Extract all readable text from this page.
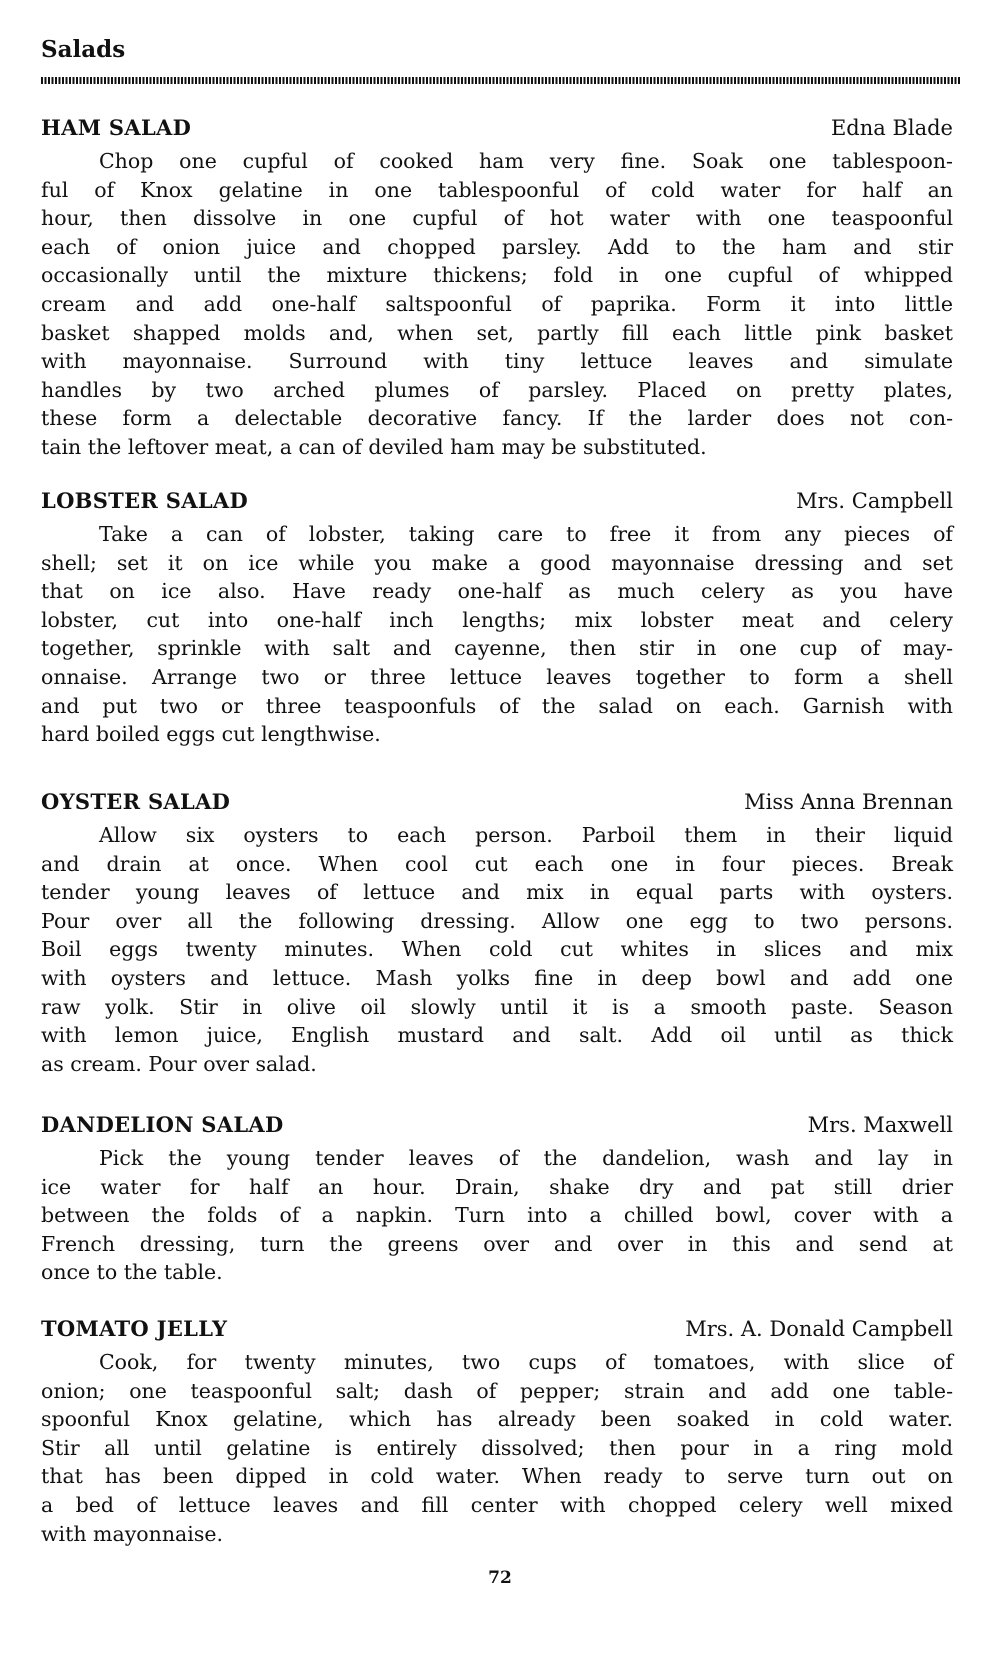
Salads
HAM SALAD	Edna Blade
Chop one cupful of cooked ham very fine. Soak one tablespoon-
ful of Knox gelatine in one tablespoonful of cold water for half an
hour, then dissolve in one cupful of hot water with one teaspoonful
each of onion juice and chopped parsley. Add to the ham and stir
occasionally until the mixture thickens; fold in one cupful of whipped
cream and add one-half saltspoonful of paprika. Form it into little
basket shapped molds and, when set, partly fill each little pink basket
with mayonnaise. Surround with tiny lettuce leaves and simulate
handles by two arched plumes of parsley. Placed on pretty plates,
these form a delectable decorative fancy. If the larder does not con-
tain the leftover meat, a can of deviled ham may be substituted.
LOBSTER SALAD	Mrs. Campbell
Take a can of lobster, taking care to free it from any pieces of
shell; set it on ice while you make a good mayonnaise dressing and set
that on ice also. Have ready one-half as much celery as you have
lobster, cut into one-half inch lengths; mix lobster meat and celery
together, sprinkle with salt and cayenne, then stir in one cup of may-
onnaise. Arrange two or three lettuce leaves together to form a shell
and put two or three teaspoonfuls of the salad on each. Garnish with
hard boiled eggs cut lengthwise.
OYSTER SALAD	Miss Anna Brennan
Allow six oysters to each person. Parboil them in their liquid
and drain at once. When cool cut each one in four pieces. Break
tender young leaves of lettuce and mix in equal parts with oysters.
Pour over all the following dressing. Allow one egg to two persons.
Boil eggs twenty minutes. When cold cut whites in slices and mix
with oysters and lettuce. Mash yolks fine in deep bowl and add one
raw yolk. Stir in olive oil slowly until it is a smooth paste. Season
with lemon juice, English mustard and salt. Add oil until as thick
as cream. Pour over salad.
DANDELION SALAD	Mrs. Maxwell
Pick the young tender leaves of the dandelion, wash and lay in
ice water for half an hour. Drain, shake dry and pat still drier
between the folds of a napkin. Turn into a chilled bowl, cover with a
French dressing, turn the greens over and over in this and send at
once to the table.
TOMATO JELLY	Mrs. A. Donald Campbell
Cook, for twenty minutes, two cups of tomatoes, with slice of
onion; one teaspoonful salt; dash of pepper; strain and add one table-
spoonful Knox gelatine, which has already been soaked in cold water.
Stir all until gelatine is entirely dissolved; then pour in a ring mold
that has been dipped in cold water. When ready to serve turn out on
a bed of lettuce leaves and fill center with chopped celery well mixed
with mayonnaise.
72
